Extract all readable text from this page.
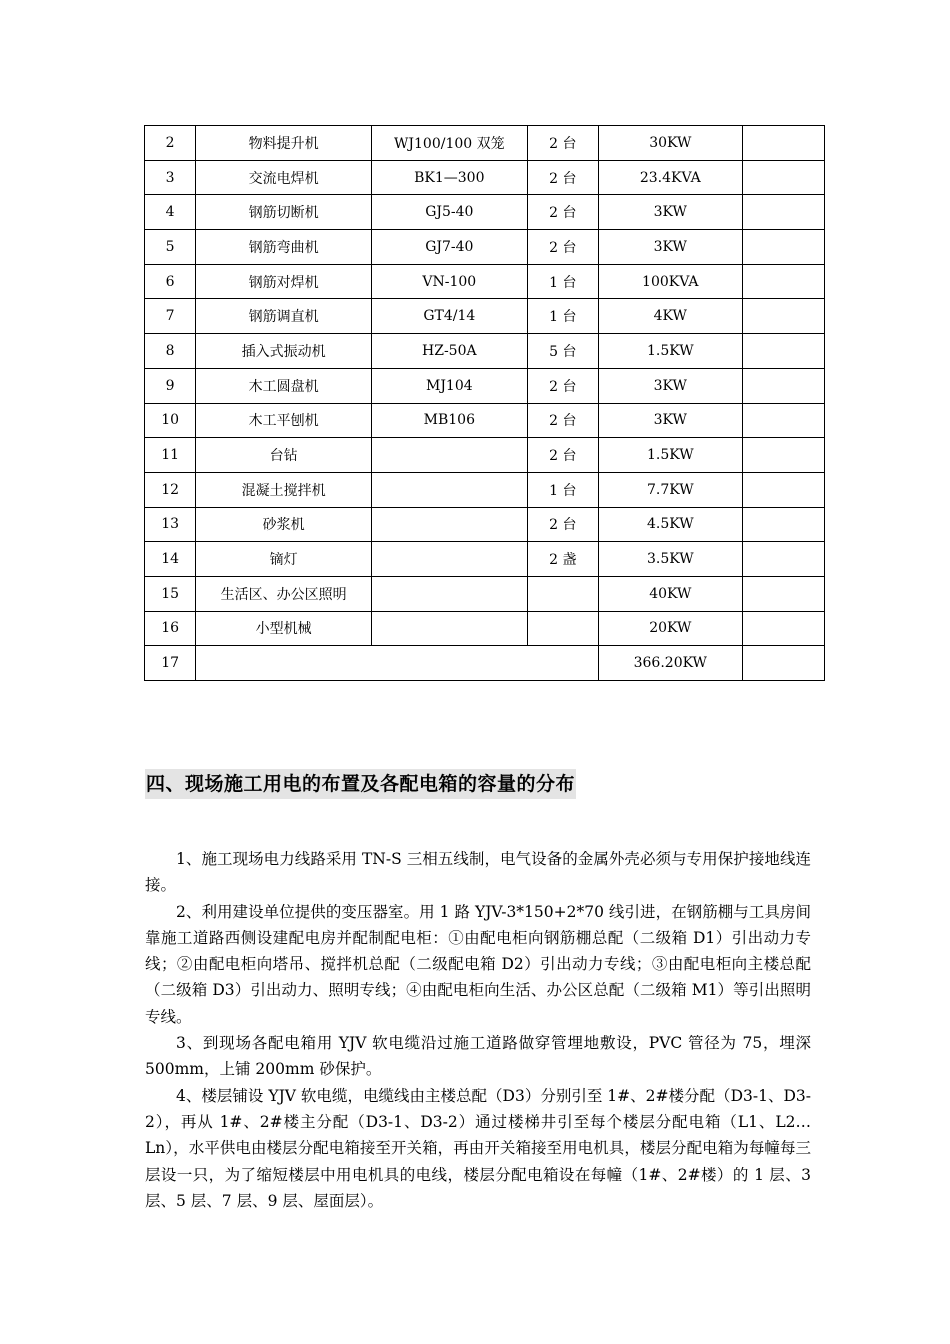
2	物料提升机	WJ100/100 双笼	2 台	30KW	
3	交流电焊机	BK1—300	2 台	23.4KVA	
4	钢筋切断机	GJ5-40	2 台	3KW	
5	钢筋弯曲机	GJ7-40	2 台	3KW	
6	钢筋对焊机	VN-100	1 台	100KVA	
7	钢筋调直机	GT4/14	1 台	4KW	
8	插入式振动机	HZ-50A	5 台	1.5KW	
9	木工圆盘机	MJ104	2 台	3KW	
10	木工平刨机	MB106	2 台	3KW	
11	台钻		2 台	1.5KW	
12	混凝土搅拌机		1 台	7.7KW	
13	砂浆机		2 台	4.5KW	
14	镝灯		2 盏	3.5KW	
15	生活区、办公区照明			40KW	
16	小型机械			20KW	
17				366.20KW	
四、现场施工用电的布置及各配电箱的容量的分布

1、施工现场电力线路采用 TN-S 三相五线制，电气设备的金属外壳必须与专用保护接地线连接。

2、利用建设单位提供的变压器室。用 1 路 YJV-3*150+2*70 线引进，在钢筋棚与工具房间靠施工道路西侧设建配电房并配制配电柜：①由配电柜向钢筋棚总配（二级箱 D1）引出动力专线；②由配电柜向塔吊、搅拌机总配（二级配电箱 D2）引出动力专线；③由配电柜向主楼总配（二级箱 D3）引出动力、照明专线；④由配电柜向生活、办公区总配（二级箱 M1）等引出照明专线。

3、到现场各配电箱用 YJV 软电缆沿过施工道路做穿管埋地敷设，PVC 管径为 75，埋深 500mm，上铺 200mm 砂保护。

4、楼层铺设 YJV 软电缆，电缆线由主楼总配（D3）分别引至 1#、2#楼分配（D3-1、D3-2），再从 1#、2#楼主分配（D3-1、D3-2）通过楼梯井引至每个楼层分配电箱（L1、L2…Ln），水平供电由楼层分配电箱接至开关箱，再由开关箱接至用电机具，楼层分配电箱为每幢每三层设一只，为了缩短楼层中用电机具的电线，楼层分配电箱设在每幢（1#、2#楼）的 1 层、3 层、5 层、7 层、9 层、屋面层）。
